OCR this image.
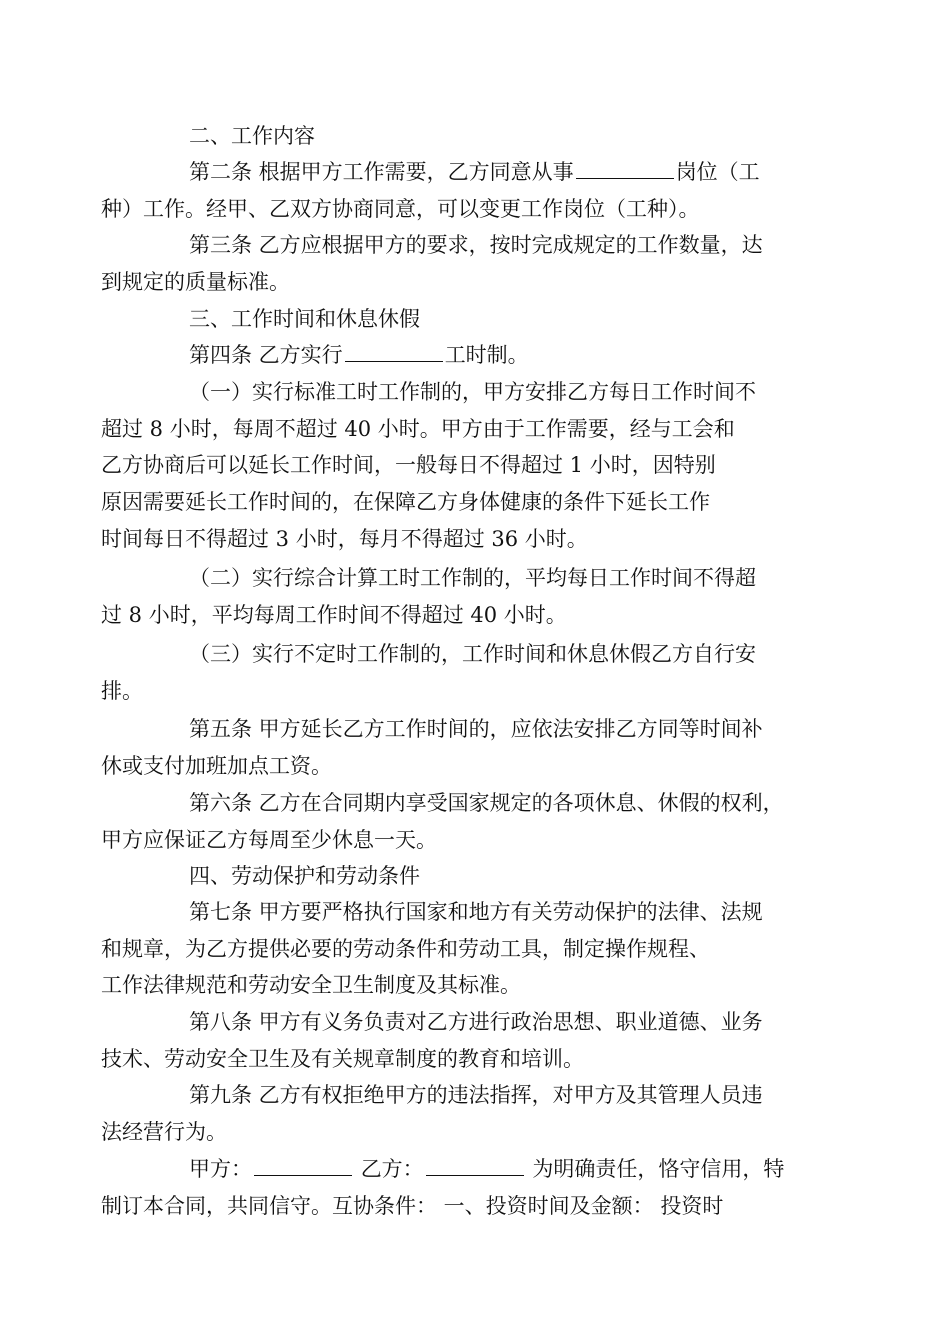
二、工作内容

第二条 根据甲方工作需要，乙方同意从事	岗位（工
种）工作。经甲、乙双方协商同意，可以变更工作岗位（工种）。

第三条 乙方应根据甲方的要求，按时完成规定的工作数量，达
到规定的质量标准。

三、工作时间和休息休假

第四条 乙方实行	工时制。

（一）实行标准工时工作制的，甲方安排乙方每日工作时间不
超过 8 小时，每周不超过 40 小时。甲方由于工作需要，经与工会和
乙方协商后可以延长工作时间，一般每日不得超过 1 小时，因特别
原因需要延长工作时间的，在保障乙方身体健康的条件下延长工作
时间每日不得超过 3 小时，每月不得超过 36 小时。

（二）实行综合计算工时工作制的，平均每日工作时间不得超
过 8 小时，平均每周工作时间不得超过 40 小时。

（三）实行不定时工作制的，工作时间和休息休假乙方自行安
排。

第五条 甲方延长乙方工作时间的，应依法安排乙方同等时间补
休或支付加班加点工资。

第六条 乙方在合同期内享受国家规定的各项休息、休假的权利，
甲方应保证乙方每周至少休息一天。

四、劳动保护和劳动条件

第七条 甲方要严格执行国家和地方有关劳动保护的法律、法规
和规章，为乙方提供必要的劳动条件和劳动工具，制定操作规程、
工作法律规范和劳动安全卫生制度及其标准。

第八条 甲方有义务负责对乙方进行政治思想、职业道德、业务
技术、劳动安全卫生及有关规章制度的教育和培训。

第九条 乙方有权拒绝甲方的违法指挥，对甲方及其管理人员违
法经营行为。

甲方：	乙方：	为明确责任，恪守信用，特
制订本合同，共同信守。互协条件： 一、投资时间及金额： 投资时
